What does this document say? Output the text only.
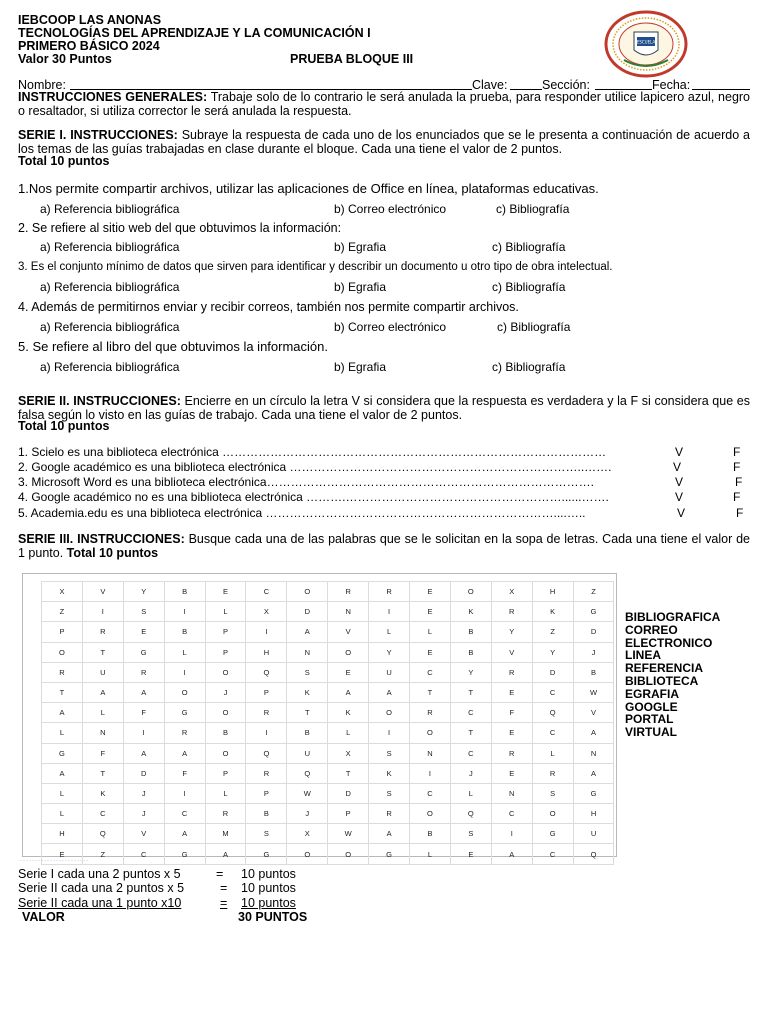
IEBCOOP LAS ANONAS
TECNOLOGÍAS DEL APRENDIZAJE Y LA COMUNICACIÓN I
PRIMERO BÁSICO 2024
Valor 30 Puntos	PRUEBA BLOQUE III
ESCUELA
Nombre:	Clave:	Sección:	Fecha:
INSTRUCCIONES GENERALES: Trabaje solo de lo contrario le será anulada la prueba, para responder utilice lapicero azul, negro o resaltador, si utiliza corrector le será anulada la respuesta.
SERIE I. INSTRUCCIONES: Subraye la respuesta de cada uno de los enunciados que se le presenta a continuación de acuerdo a los temas de las guías trabajadas en clase durante el bloque. Cada una tiene el valor de 2 puntos.
Total 10 puntos
1.Nos permite compartir archivos, utilizar las aplicaciones de Office en línea, plataformas educativas.
a) Referencia bibliográfica	b) Correo electrónico	c) Bibliografía
2. Se refiere al sitio web del que obtuvimos la información:
a) Referencia bibliográfica	b) Egrafia	c) Bibliografía
3. Es el conjunto mínimo de datos que sirven para identificar y describir un documento u otro tipo de obra intelectual.
a) Referencia bibliográfica	b) Egrafia	c) Bibliografía
4. Además de permitirnos enviar y recibir correos, también nos permite compartir archivos.
a) Referencia bibliográfica	b) Correo electrónico	c) Bibliografía
5. Se refiere al libro del que obtuvimos la información.
a) Referencia bibliográfica	b) Egrafia	c) Bibliografía
SERIE II. INSTRUCCIONES: Encierre en un círculo la letra V si considera que la respuesta es verdadera y la F si considera que es falsa según lo visto en las guías de trabajo. Cada una tiene el valor de 2 puntos.
Total 10 puntos
1. Scielo es una biblioteca electrónica ……………………………………………………………………………………	V	F
2. Google académico es una biblioteca electrónica ………………………………………………………………..…….	V	F
3. Microsoft Word es una biblioteca electrónica……………………………………………………………………….	V	F
4. Google académico no es una biblioteca electrónica ……….………………………………………………......…….	V	F
5. Academia.edu es una biblioteca electrónica ………………………………………………………………....…..	V	F
SERIE III. INSTRUCCIONES: Busque cada una de las palabras que se le solicitan en la sopa de letras. Cada una tiene el valor de 1 punto. Total 10 puntos
X	V	Y	B	E	C	O	R	R	E	O	X	H	Z
Z	I	S	I	L	X	D	N	I	E	K	R	K	G
P	R	E	B	P	I	A	V	L	L	B	Y	Z	D
O	T	G	L	P	H	N	O	Y	E	B	V	Y	J
R	U	R	I	O	Q	S	E	U	C	Y	R	D	B
T	A	A	O	J	P	K	A	A	T	T	E	C	W
A	L	F	G	O	R	T	K	O	R	C	F	Q	V
L	N	I	R	B	I	B	L	I	O	T	E	C	A
G	F	A	A	O	Q	U	X	S	N	C	R	L	N
A	T	D	F	P	R	Q	T	K	I	J	E	R	A
L	K	J	I	L	P	W	D	S	C	L	N	S	G
L	C	J	C	R	B	J	P	R	O	Q	C	O	H
H	Q	V	A	M	S	X	W	A	B	S	I	G	U
E	Z	C	G	A	G	O	O	G	L	E	A	C	Q
BIBLIOGRAFICA
CORREO
ELECTRONICO
LINEA
REFERENCIA
BIBLIOTECA
EGRAFIA
GOOGLE
PORTAL
VIRTUAL
·······················
Serie I cada una 2 puntos x 5	= 10 puntos
Serie II cada una 2 puntos x 5	= 10 puntos
Serie II cada una 1 punto x10	= 10 puntos
VALOR	30 PUNTOS
